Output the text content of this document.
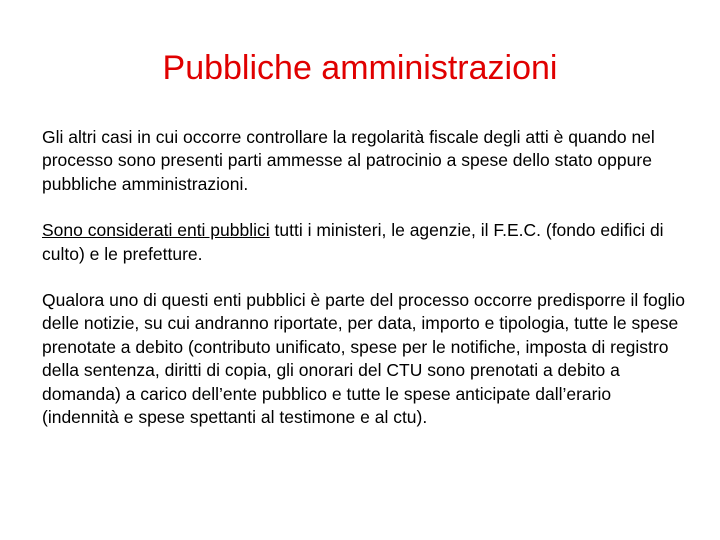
Pubbliche amministrazioni

Gli altri casi in cui occorre controllare la regolarità fiscale degli atti è quando nel processo sono presenti parti ammesse al patrocinio a spese dello stato oppure pubbliche amministrazioni.

Sono considerati enti pubblici tutti i ministeri, le agenzie, il F.E.C. (fondo edifici di culto) e le prefetture.

Qualora uno di questi enti pubblici è parte del processo occorre predisporre il foglio delle notizie, su cui andranno riportate, per data, importo e tipologia, tutte le spese prenotate a debito (contributo unificato, spese per le notifiche, imposta di registro della sentenza, diritti di copia, gli onorari del CTU sono prenotati a debito a domanda) a carico dell’ente pubblico e tutte le spese anticipate dall’erario (indennità e spese spettanti al testimone e al ctu).
